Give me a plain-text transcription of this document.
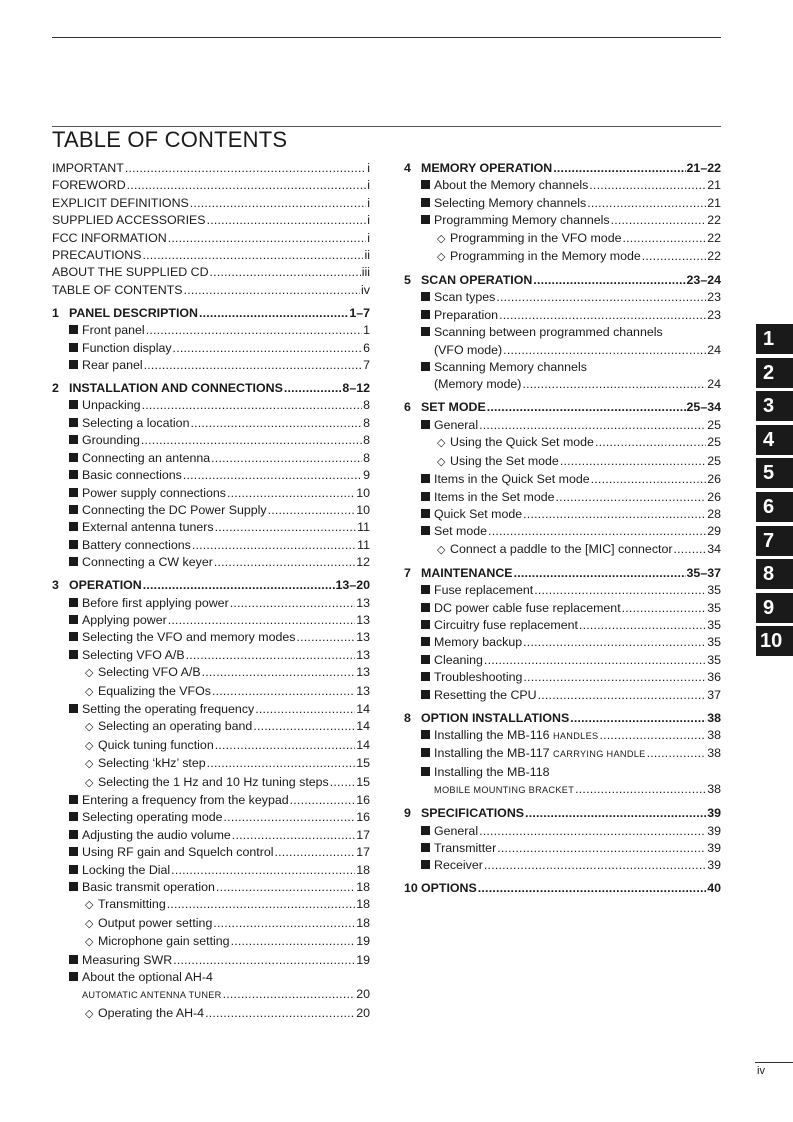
TABLE OF CONTENTS
IMPORTANT .....	i
FOREWORD .....	i
EXPLICIT DEFINITIONS .....	i
SUPPLIED ACCESSORIES .....	i
FCC INFORMATION .....	i
PRECAUTIONS .....	ii
ABOUT THE SUPPLIED CD .....	iii
TABLE OF CONTENTS .....	iv
1 PANEL DESCRIPTION .....	1–7
Front panel .....	1
Function display .....	6
Rear panel .....	7
2 INSTALLATION AND CONNECTIONS .....	8–12
Unpacking .....	8
Selecting a location .....	8
Grounding .....	8
Connecting an antenna .....	8
Basic connections .....	9
Power supply connections .....	10
Connecting the DC Power Supply .....	10
External antenna tuners .....	11
Battery connections .....	11
Connecting a CW keyer .....	12
3 OPERATION .....	13–20
Before first applying power .....	13
Applying power .....	13
Selecting the VFO and memory modes .....	13
Selecting VFO A/B .....	13
◇ Selecting VFO A/B .....	13
◇ Equalizing the VFOs .....	13
Setting the operating frequency .....	14
◇ Selecting an operating band .....	14
◇ Quick tuning function .....	14
◇ Selecting ‘kHz’ step .....	15
◇ Selecting the 1 Hz and 10 Hz tuning steps ..... 15
Entering a frequency from the keypad .....	16
Selecting operating mode .....	16
Adjusting the audio volume .....	17
Using RF gain and Squelch control .....	17
Locking the Dial .....	18
Basic transmit operation .....	18
◇ Transmitting .....	18
◇ Output power setting .....	18
◇ Microphone gain setting .....	19
Measuring SWR .....	19
About the optional AH-4
AUTOMATIC ANTENNA TUNER .....	20
◇ Operating the AH-4 .....	20
4 MEMORY OPERATION .....	21–22
About the Memory channels .....	21
Selecting Memory channels .....	21
Programming Memory channels .....	22
◇ Programming in the VFO mode .....	22
◇ Programming in the Memory mode .....	22
5 SCAN OPERATION .....	23–24
Scan types .....	23
Preparation .....	23
Scanning between programmed channels
(VFO mode) .....	24
Scanning Memory channels
(Memory mode) .....	24
6 SET MODE .....	25–34
General .....	25
◇ Using the Quick Set mode .....	25
◇ Using the Set mode .....	25
Items in the Quick Set mode .....	26
Items in the Set mode .....	26
Quick Set mode .....	28
Set mode .....	29
◇ Connect a paddle to the [MIC] connector .....	34
7 MAINTENANCE .....	35–37
Fuse replacement .....	35
DC power cable fuse replacement .....	35
Circuitry fuse replacement .....	35
Memory backup .....	35
Cleaning .....	35
Troubleshooting .....	36
Resetting the CPU .....	37
8 OPTION INSTALLATIONS .....	38
Installing the MB-116 HANDLES .....	38
Installing the MB-117 CARRYING HANDLE .....	38
Installing the MB-118
MOBILE MOUNTING BRACKET .....	38
9 SPECIFICATIONS .....	39
General .....	39
Transmitter .....	39
Receiver .....	39
10 OPTIONS .....	40
1
2
3
4
5
6
7
8
9
10
iv
